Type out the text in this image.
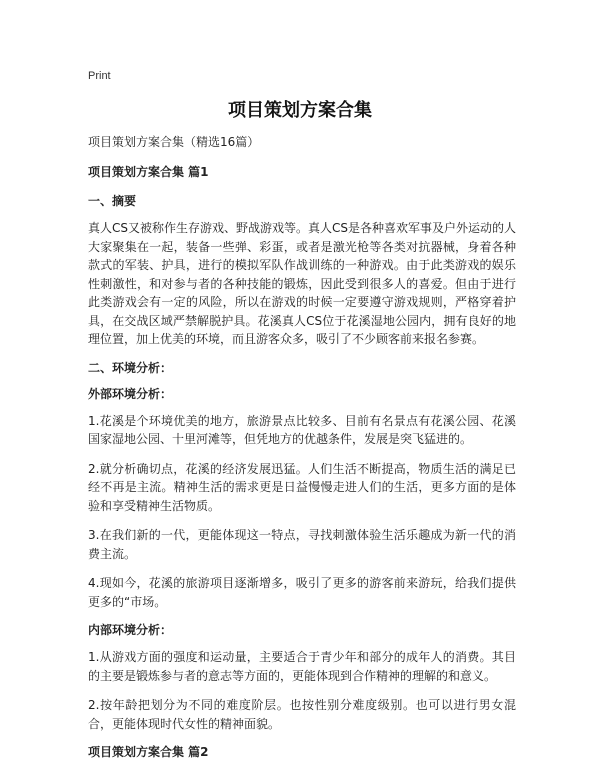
Print
项目策划方案合集

项目策划方案合集（精选16篇）

项目策划方案合集 篇1

一、摘要

真人CS又被称作生存游戏、野战游戏等。真人CS是各种喜欢军事及户外运动的人大家聚集在一起，装备一些弹、彩蛋，或者是激光枪等各类对抗器械，身着各种款式的军装、护具，进行的模拟军队作战训练的一种游戏。由于此类游戏的娱乐性刺激性，和对参与者的各种技能的锻炼，因此受到很多人的喜爱。但由于进行此类游戏会有一定的风险，所以在游戏的时候一定要遵守游戏规则，严格穿着护具，在交战区域严禁解脱护具。花溪真人CS位于花溪湿地公园内，拥有良好的地理位置，加上优美的环境，而且游客众多，吸引了不少顾客前来报名参赛。

二、环境分析：

外部环境分析：

1.花溪是个环境优美的地方，旅游景点比较多、目前有名景点有花溪公园、花溪国家湿地公园、十里河滩等，但凭地方的优越条件，发展是突飞猛进的。

2.就分析确切点，花溪的经济发展迅猛。人们生活不断提高，物质生活的满足已经不再是主流。精神生活的需求更是日益慢慢走进人们的生活，更多方面的是体验和享受精神生活物质。

3.在我们新的一代，更能体现这一特点，寻找刺激体验生活乐趣成为新一代的消费主流。

4.现如今，花溪的旅游项目逐渐增多，吸引了更多的游客前来游玩，给我们提供更多的“市场。

内部环境分析：

1.从游戏方面的强度和运动量，主要适合于青少年和部分的成年人的消费。其目的主要是锻炼参与者的意志等方面的，更能体现到合作精神的理解的和意义。

2.按年龄把划分为不同的难度阶层。也按性别分难度级别。也可以进行男女混合，更能体现时代女性的精神面貌。

项目策划方案合集 篇2
